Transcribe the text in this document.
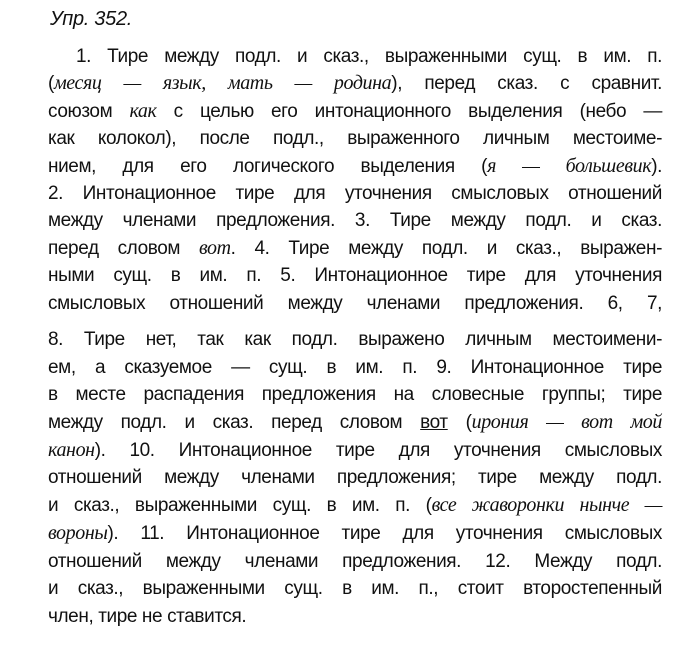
Упр. 352.
1. Тире между подл. и сказ., выраженными сущ. в им. п.
(месяц — язык, мать — родина), перед сказ. с сравнит.
союзом как с целью его интонационного выделения (небо —
как колокол), после подл., выраженного личным местоиме-
нием, для его логического выделения (я — большевик).
2. Интонационное тире для уточнения смысловых отношений
между членами предложения. 3. Тире между подл. и сказ.
перед словом вот. 4. Тире между подл. и сказ., выражен-
ными сущ. в им. п. 5. Интонационное тире для уточнения
смысловых отношений между членами предложения. 6, 7,
8. Тире нет, так как подл. выражено личным местоимени-
ем, а сказуемое — сущ. в им. п. 9. Интонационное тире
в месте распадения предложения на словесные группы; тире
между подл. и сказ. перед словом вот (ирония — вот мой
канон). 10. Интонационное тире для уточнения смысловых
отношений между членами предложения; тире между подл.
и сказ., выраженными сущ. в им. п. (все жаворонки нынче —
вороны). 11. Интонационное тире для уточнения смысловых
отношений между членами предложения. 12. Между подл.
и сказ., выраженными сущ. в им. п., стоит второстепенный
член, тире не ставится.
